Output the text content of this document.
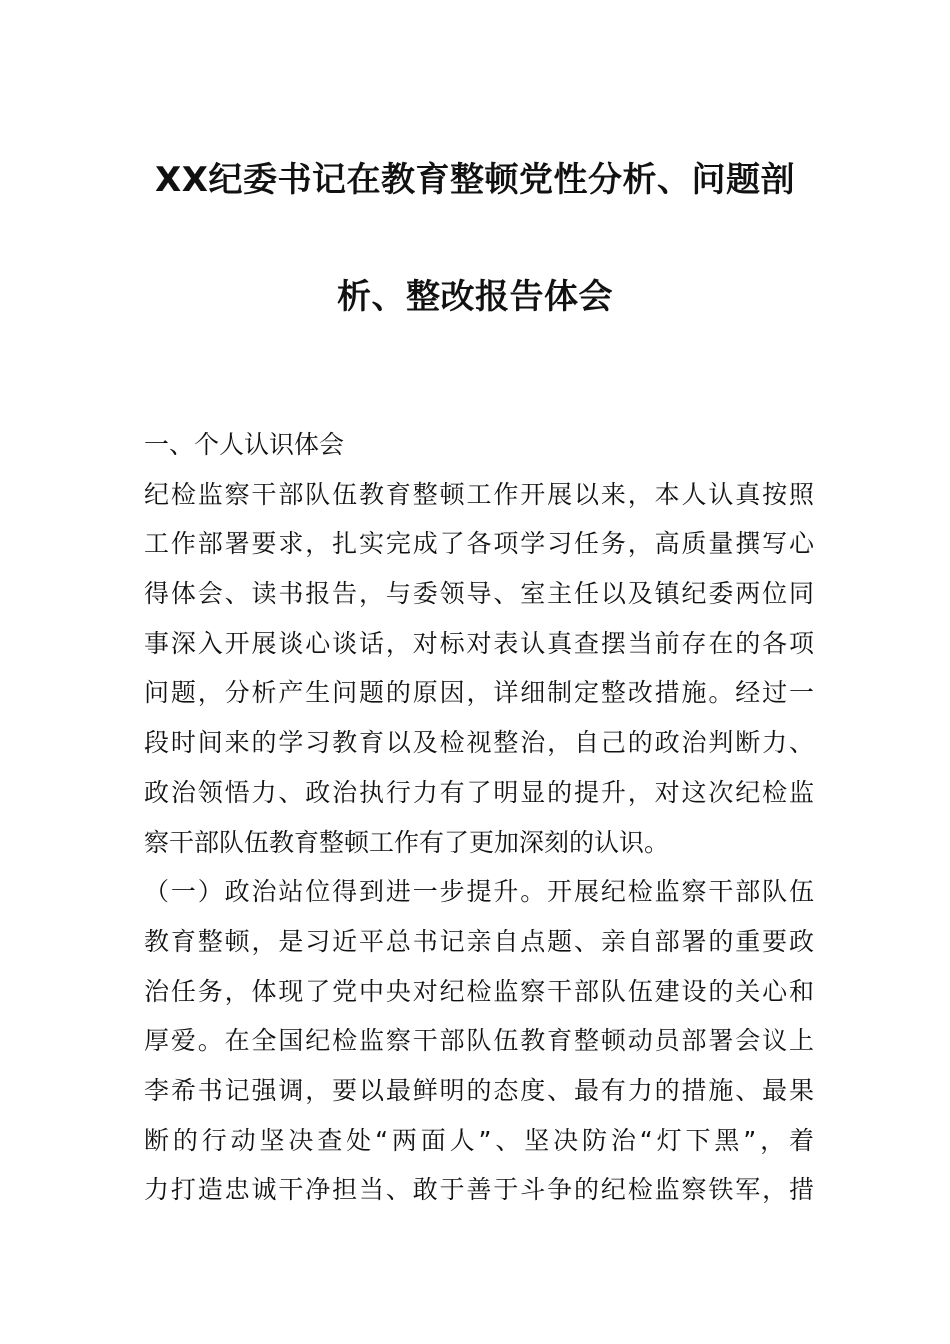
XX纪委书记在教育整顿党性分析、问题剖
析、整改报告体会
一、个人认识体会
纪检监察干部队伍教育整顿工作开展以来，本人认真按照
工作部署要求，扎实完成了各项学习任务，高质量撰写心
得体会、读书报告，与委领导、室主任以及镇纪委两位同
事深入开展谈心谈话，对标对表认真查摆当前存在的各项
问题，分析产生问题的原因，详细制定整改措施。经过一
段时间来的学习教育以及检视整治，自己的政治判断力、
政治领悟力、政治执行力有了明显的提升，对这次纪检监
察干部队伍教育整顿工作有了更加深刻的认识。
（一）政治站位得到进一步提升。开展纪检监察干部队伍
教育整顿，是习近平总书记亲自点题、亲自部署的重要政
治任务，体现了党中央对纪检监察干部队伍建设的关心和
厚爱。在全国纪检监察干部队伍教育整顿动员部署会议上
李希书记强调，要以最鲜明的态度、最有力的措施、最果
断的行动坚决查处“两面人”、坚决防治“灯下黑”，着
力打造忠诚干净担当、敢于善于斗争的纪检监察铁军，措
